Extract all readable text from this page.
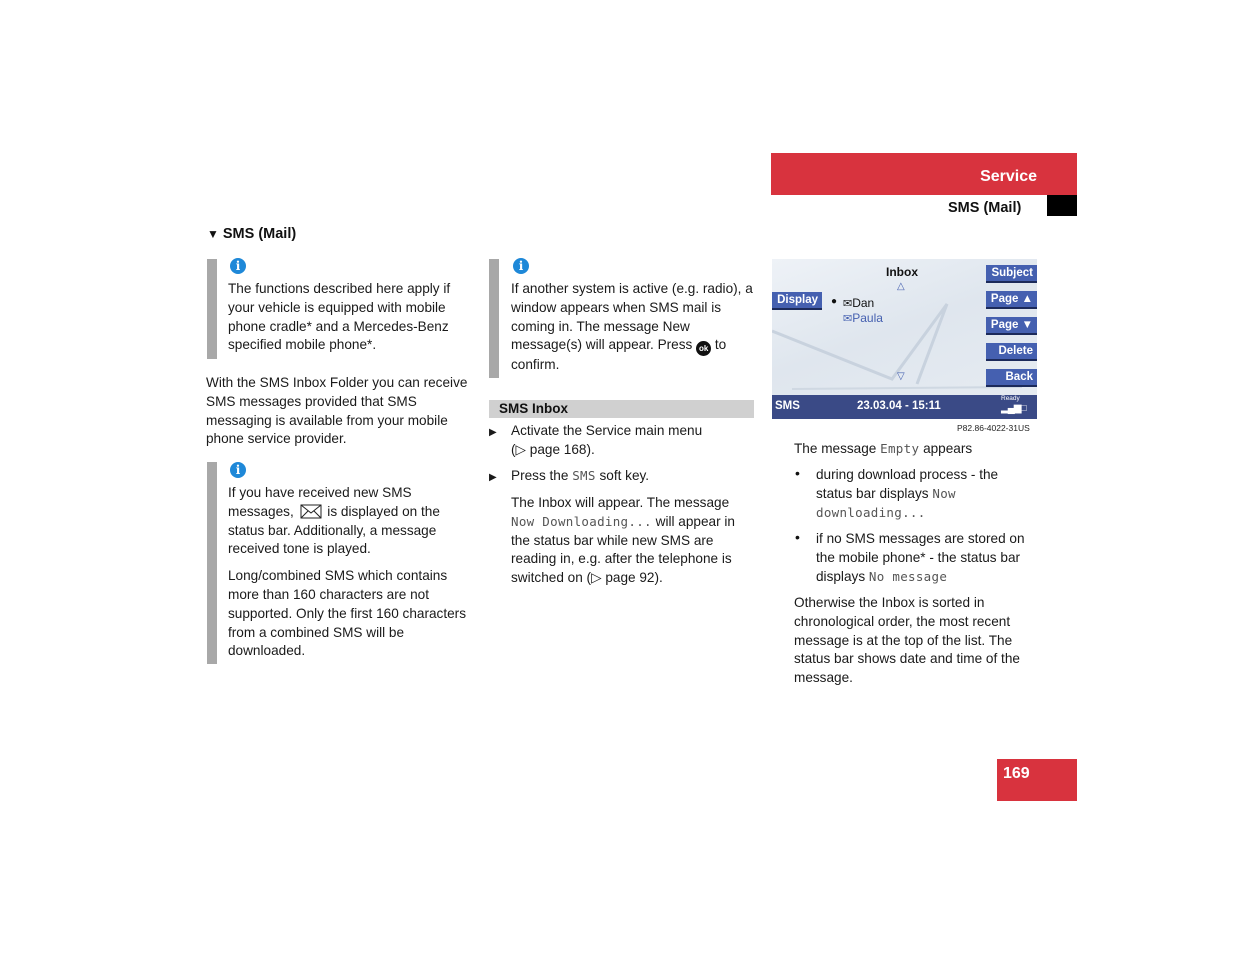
Service
SMS (Mail)
▼ SMS (Mail)
i
The functions described here apply if your vehicle is equipped with mobile phone cradle* and a Mercedes-Benz specified mobile phone*.
With the SMS Inbox Folder you can receive SMS messages provided that SMS messaging is available from your mobile phone service provider.
i
If you have received new SMS messages, is displayed on the status bar. Additionally, a message received tone is played.
Long/combined SMS which contains more than 160 characters are not supported. Only the first 160 characters from a combined SMS will be downloaded.
i
If another system is active (e.g. radio), a window appears when SMS mail is coming in. The message New message(s) will appear. Press ok to confirm.
SMS Inbox
▶ Activate the Service main menu
(▷ page 168).
▶ Press the SMS soft key.
The Inbox will appear. The message
Now Downloading... will appear in
the status bar while new SMS are reading in, e.g. after the telephone is switched on (▷ page 92).
Inbox
△
Display	● ✉Dan
✉Paula
▽
Subject
Page ▲
Page ▼
Delete
Back
SMS	23.03.04 - 15:11
Ready
▂▄▆□
P82.86-4022-31US
The message Empty appears
• during download process - the
status bar displays Now
downloading...
• if no SMS messages are stored on
the mobile phone* - the status bar
displays No message
Otherwise the Inbox is sorted in chronological order, the most recent message is at the top of the list. The status bar shows date and time of the message.
169
